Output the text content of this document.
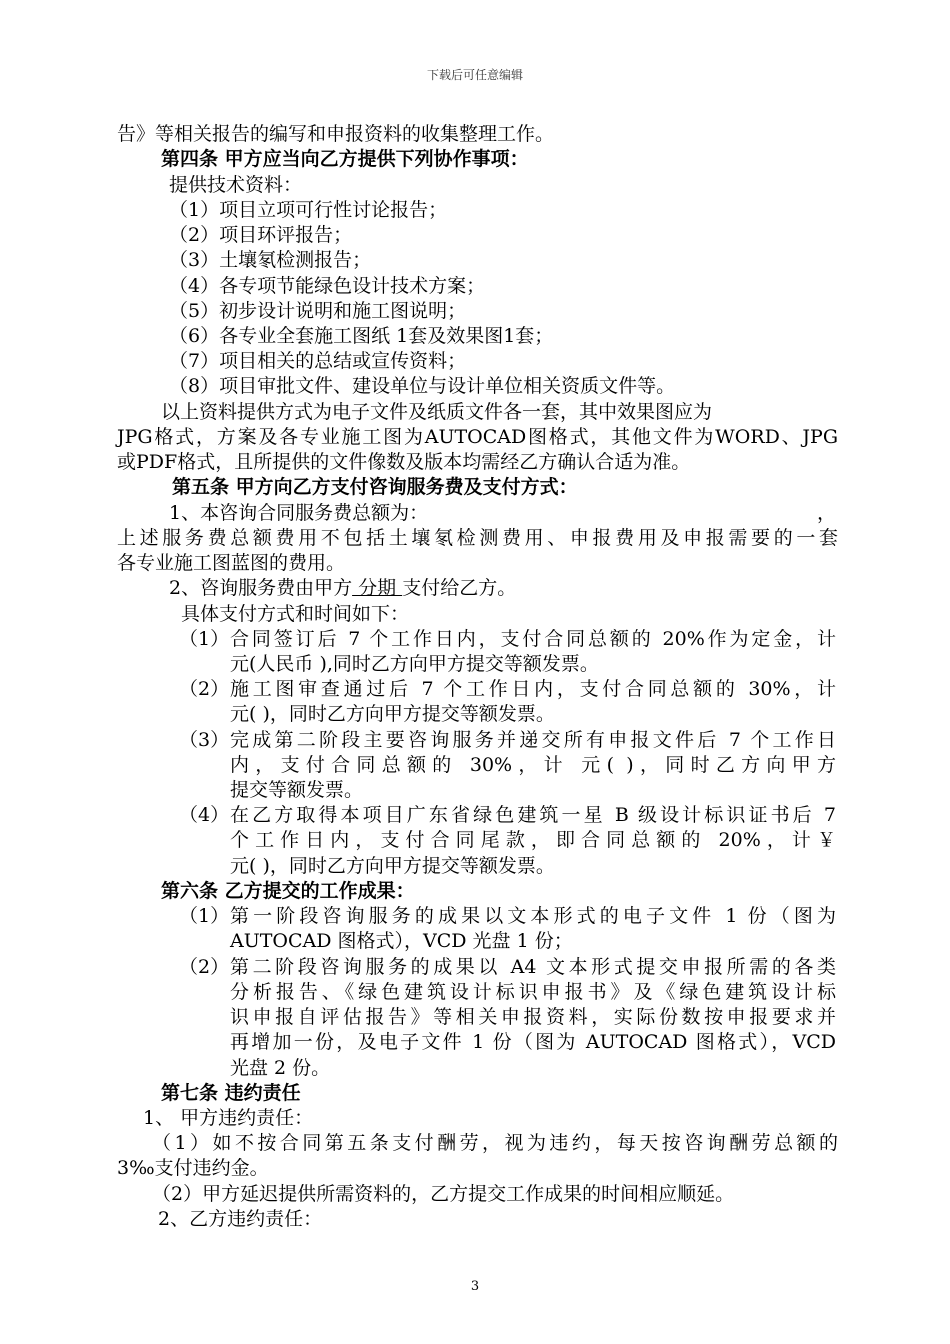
下载后可任意编辑
告》等相关报告的编写和申报资料的收集整理工作。
第四条 甲方应当向乙方提供下列协作事项：
提供技术资料：
（1）项目立项可行性讨论报告；
（2）项目环评报告；
（3）土壤氡检测报告；
（4）各专项节能绿色设计技术方案；
（5）初步设计说明和施工图说明；
（6）各专业全套施工图纸 1套及效果图1套；
（7）项目相关的总结或宣传资料；
（8）项目审批文件、建设单位与设计单位相关资质文件等。
以上资料提供方式为电子文件及纸质文件各一套，其中效果图应为
JPG格式，方案及各专业施工图为AUTOCAD图格式，其他文件为WORD、JPG
或PDF格式，且所提供的文件像数及版本均需经乙方确认合适为准。
第五条 甲方向乙方支付咨询服务费及支付方式：
1、本咨询合同服务费总额为：	，
上述服务费总额费用不包括土壤氡检测费用、申报费用及申报需要的一套
各专业施工图蓝图的费用。
2、咨询服务费由甲方 分期 支付给乙方。
具体支付方式和时间如下：
（1） 合同签订后 7 个工作日内，支付合同总额的 20%作为定金，计
元(人民币 ),同时乙方向甲方提交等额发票。
（2） 施工图审查通过后 7 个工作日内，支付合同总额的 30%，计
元( )，同时乙方向甲方提交等额发票。
（3） 完成第二阶段主要咨询服务并递交所有申报文件后 7 个工作日
内，支付合同总额的 30%，计 元( )，同时乙方向甲方
提交等额发票。
（4） 在乙方取得本项目广东省绿色建筑一星 B 级设计标识证书后 7
个工作日内，支付合同尾款，即合同总额的 20%，计￥
元( )，同时乙方向甲方提交等额发票。
第六条 乙方提交的工作成果：
（1） 第一阶段咨询服务的成果以文本形式的电子文件 1 份（图为
AUTOCAD 图格式），VCD 光盘 1 份；
（2） 第二阶段咨询服务的成果以 A4 文本形式提交申报所需的各类
分析报告、《绿色建筑设计标识申报书》及《绿色建筑设计标
识申报自评估报告》等相关申报资料，实际份数按申报要求并
再增加一份，及电子文件 1 份（图为 AUTOCAD 图格式），VCD
光盘 2 份。
第七条 违约责任
1、 甲方违约责任：
（1）如不按合同第五条支付酬劳，视为违约，每天按咨询酬劳总额的
3‰支付违约金。
（2）甲方延迟提供所需资料的，乙方提交工作成果的时间相应顺延。
2、乙方违约责任：
3
